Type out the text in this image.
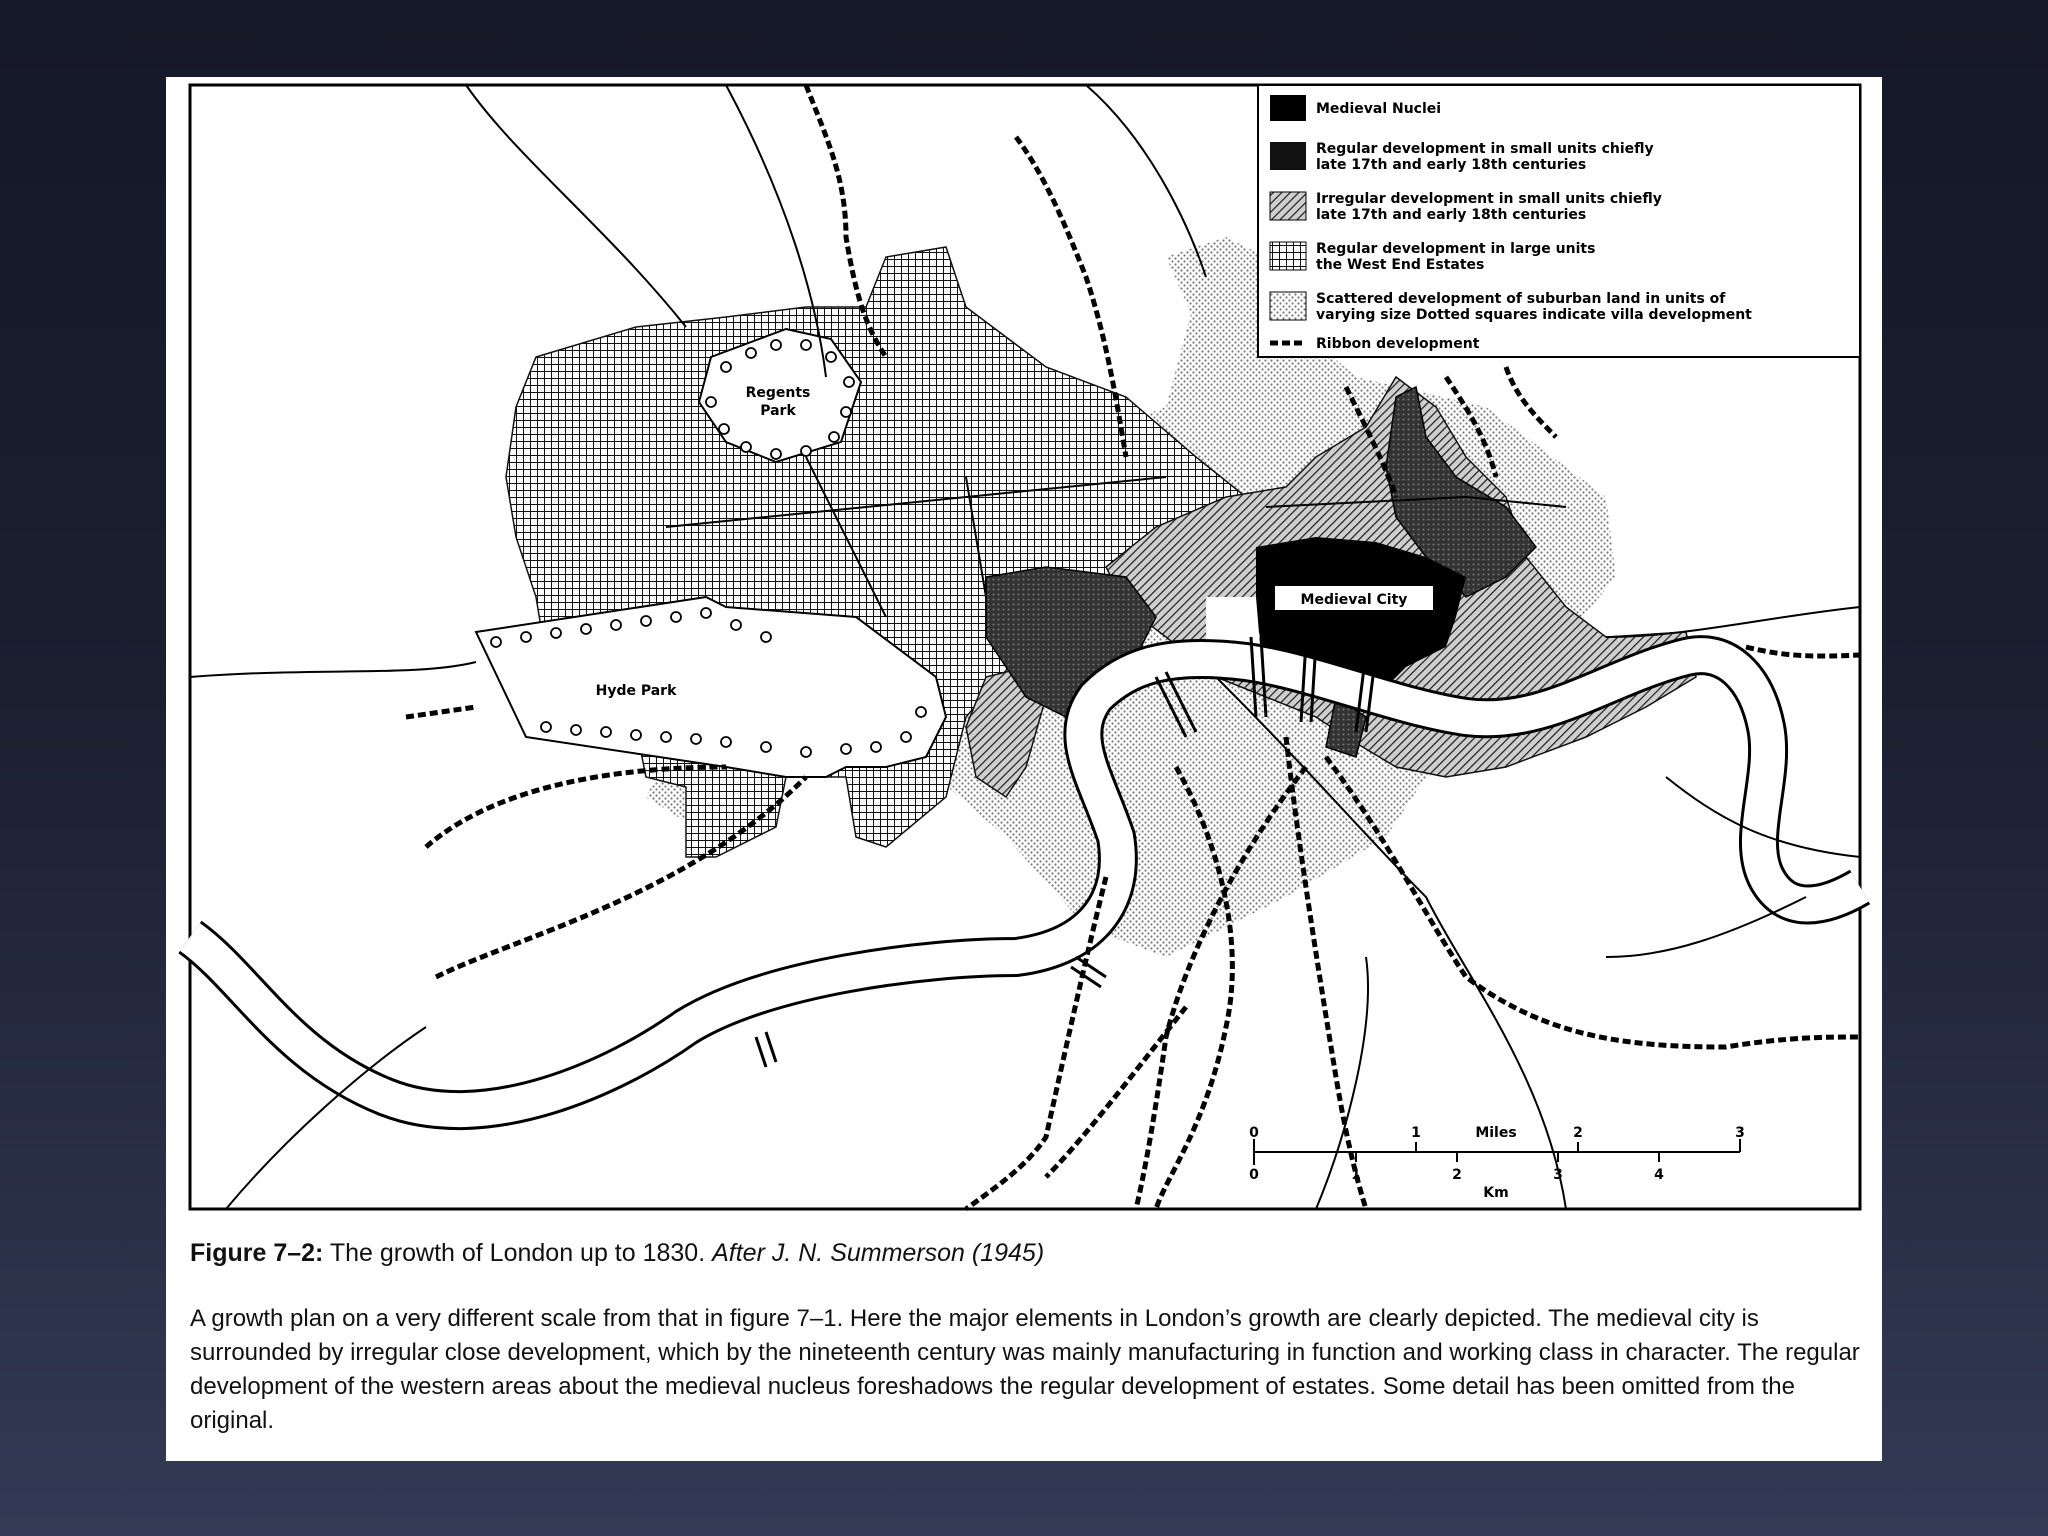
Regents
Park
Medieval City
Hyde Park
Medieval Nuclei
Regular development in small units chiefly
late 17th and early 18th centuries
Irregular development in small units chiefly
late 17th and early 18th centuries
Regular development in large units
the West End Estates
Scattered development of suburban land in units of
varying size Dotted squares indicate villa development
Ribbon development
0	1	2	3
Miles
0	1	2	3	4
Km

Figure 7–2: The growth of London up to 1830. After J. N. Summerson (1945)

A growth plan on a very different scale from that in figure 7–1. Here the major elements in London’s growth are clearly depicted. The medieval city is surrounded by irregular close development, which by the nineteenth century was mainly manufacturing in function and working class in character. The regular development of the western areas about the medieval nucleus foreshadows the regular development of estates. Some detail has been omitted from the original.
